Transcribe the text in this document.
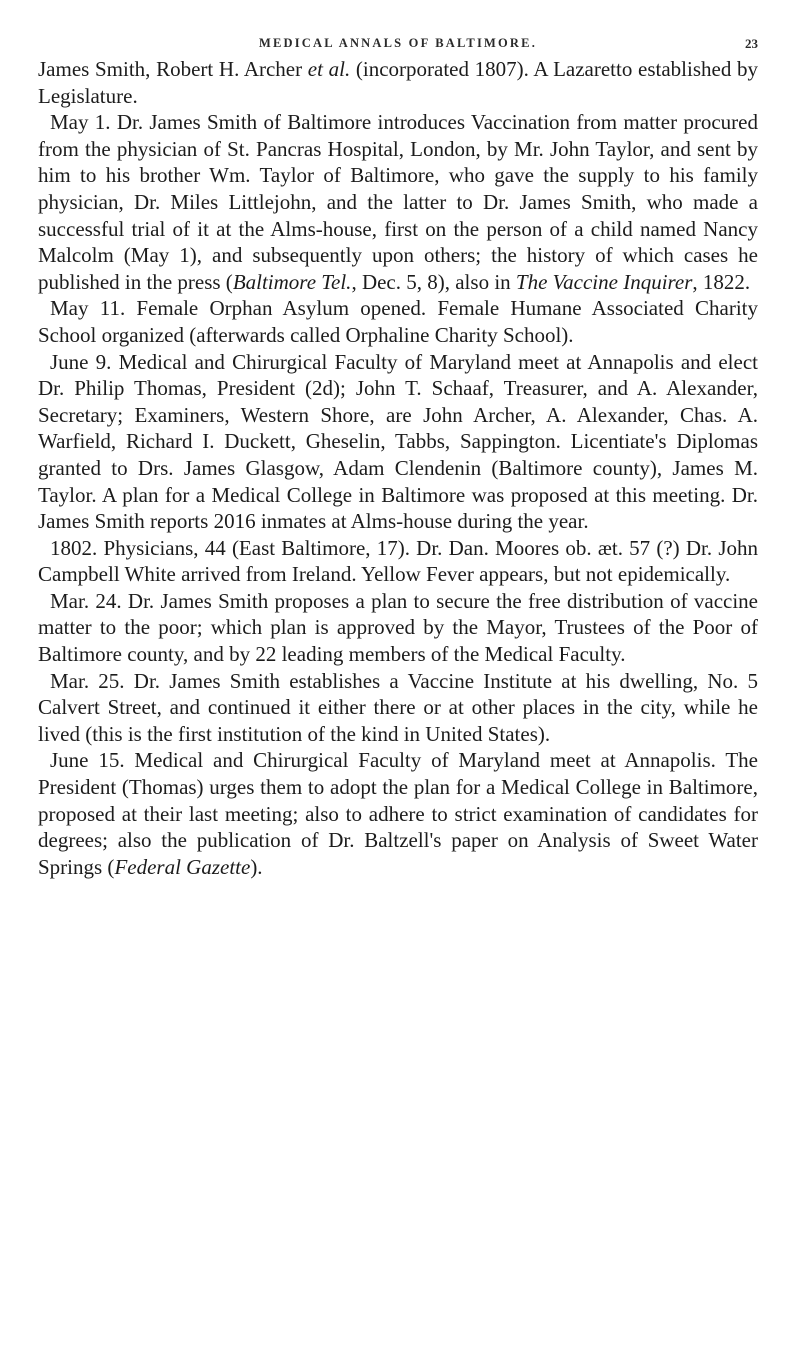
MEDICAL ANNALS OF BALTIMORE.	23

James Smith, Robert H. Archer et al. (incorporated 1807). A Lazaretto established by Legislature.

May 1. Dr. James Smith of Baltimore introduces Vaccination from matter procured from the physician of St. Pancras Hospital, London, by Mr. John Taylor, and sent by him to his brother Wm. Taylor of Baltimore, who gave the supply to his family physician, Dr. Miles Littlejohn, and the latter to Dr. James Smith, who made a successful trial of it at the Alms-house, first on the person of a child named Nancy Malcolm (May 1), and subsequently upon others; the history of which cases he published in the press (Baltimore Tel., Dec. 5, 8), also in The Vaccine Inquirer, 1822.

May 11. Female Orphan Asylum opened. Female Humane Associated Charity School organized (afterwards called Orphaline Charity School).

June 9. Medical and Chirurgical Faculty of Maryland meet at Annapolis and elect Dr. Philip Thomas, President (2d); John T. Schaaf, Treasurer, and A. Alexander, Secretary; Examiners, Western Shore, are John Archer, A. Alexander, Chas. A. Warfield, Richard I. Duckett, Gheselin, Tabbs, Sappington. Licentiate's Diplomas granted to Drs. James Glasgow, Adam Clendenin (Baltimore county), James M. Taylor. A plan for a Medical College in Baltimore was proposed at this meeting. Dr. James Smith reports 2016 inmates at Alms-house during the year.

1802. Physicians, 44 (East Baltimore, 17). Dr. Dan. Moores ob. æt. 57 (?) Dr. John Campbell White arrived from Ireland. Yellow Fever appears, but not epidemically.

Mar. 24. Dr. James Smith proposes a plan to secure the free distribution of vaccine matter to the poor; which plan is approved by the Mayor, Trustees of the Poor of Baltimore county, and by 22 leading members of the Medical Faculty.

Mar. 25. Dr. James Smith establishes a Vaccine Institute at his dwelling, No. 5 Calvert Street, and continued it either there or at other places in the city, while he lived (this is the first institution of the kind in United States).

June 15. Medical and Chirurgical Faculty of Maryland meet at Annapolis. The President (Thomas) urges them to adopt the plan for a Medical College in Baltimore, proposed at their last meeting; also to adhere to strict examination of candidates for degrees; also the publication of Dr. Baltzell's paper on Analysis of Sweet Water Springs (Federal Gazette).
